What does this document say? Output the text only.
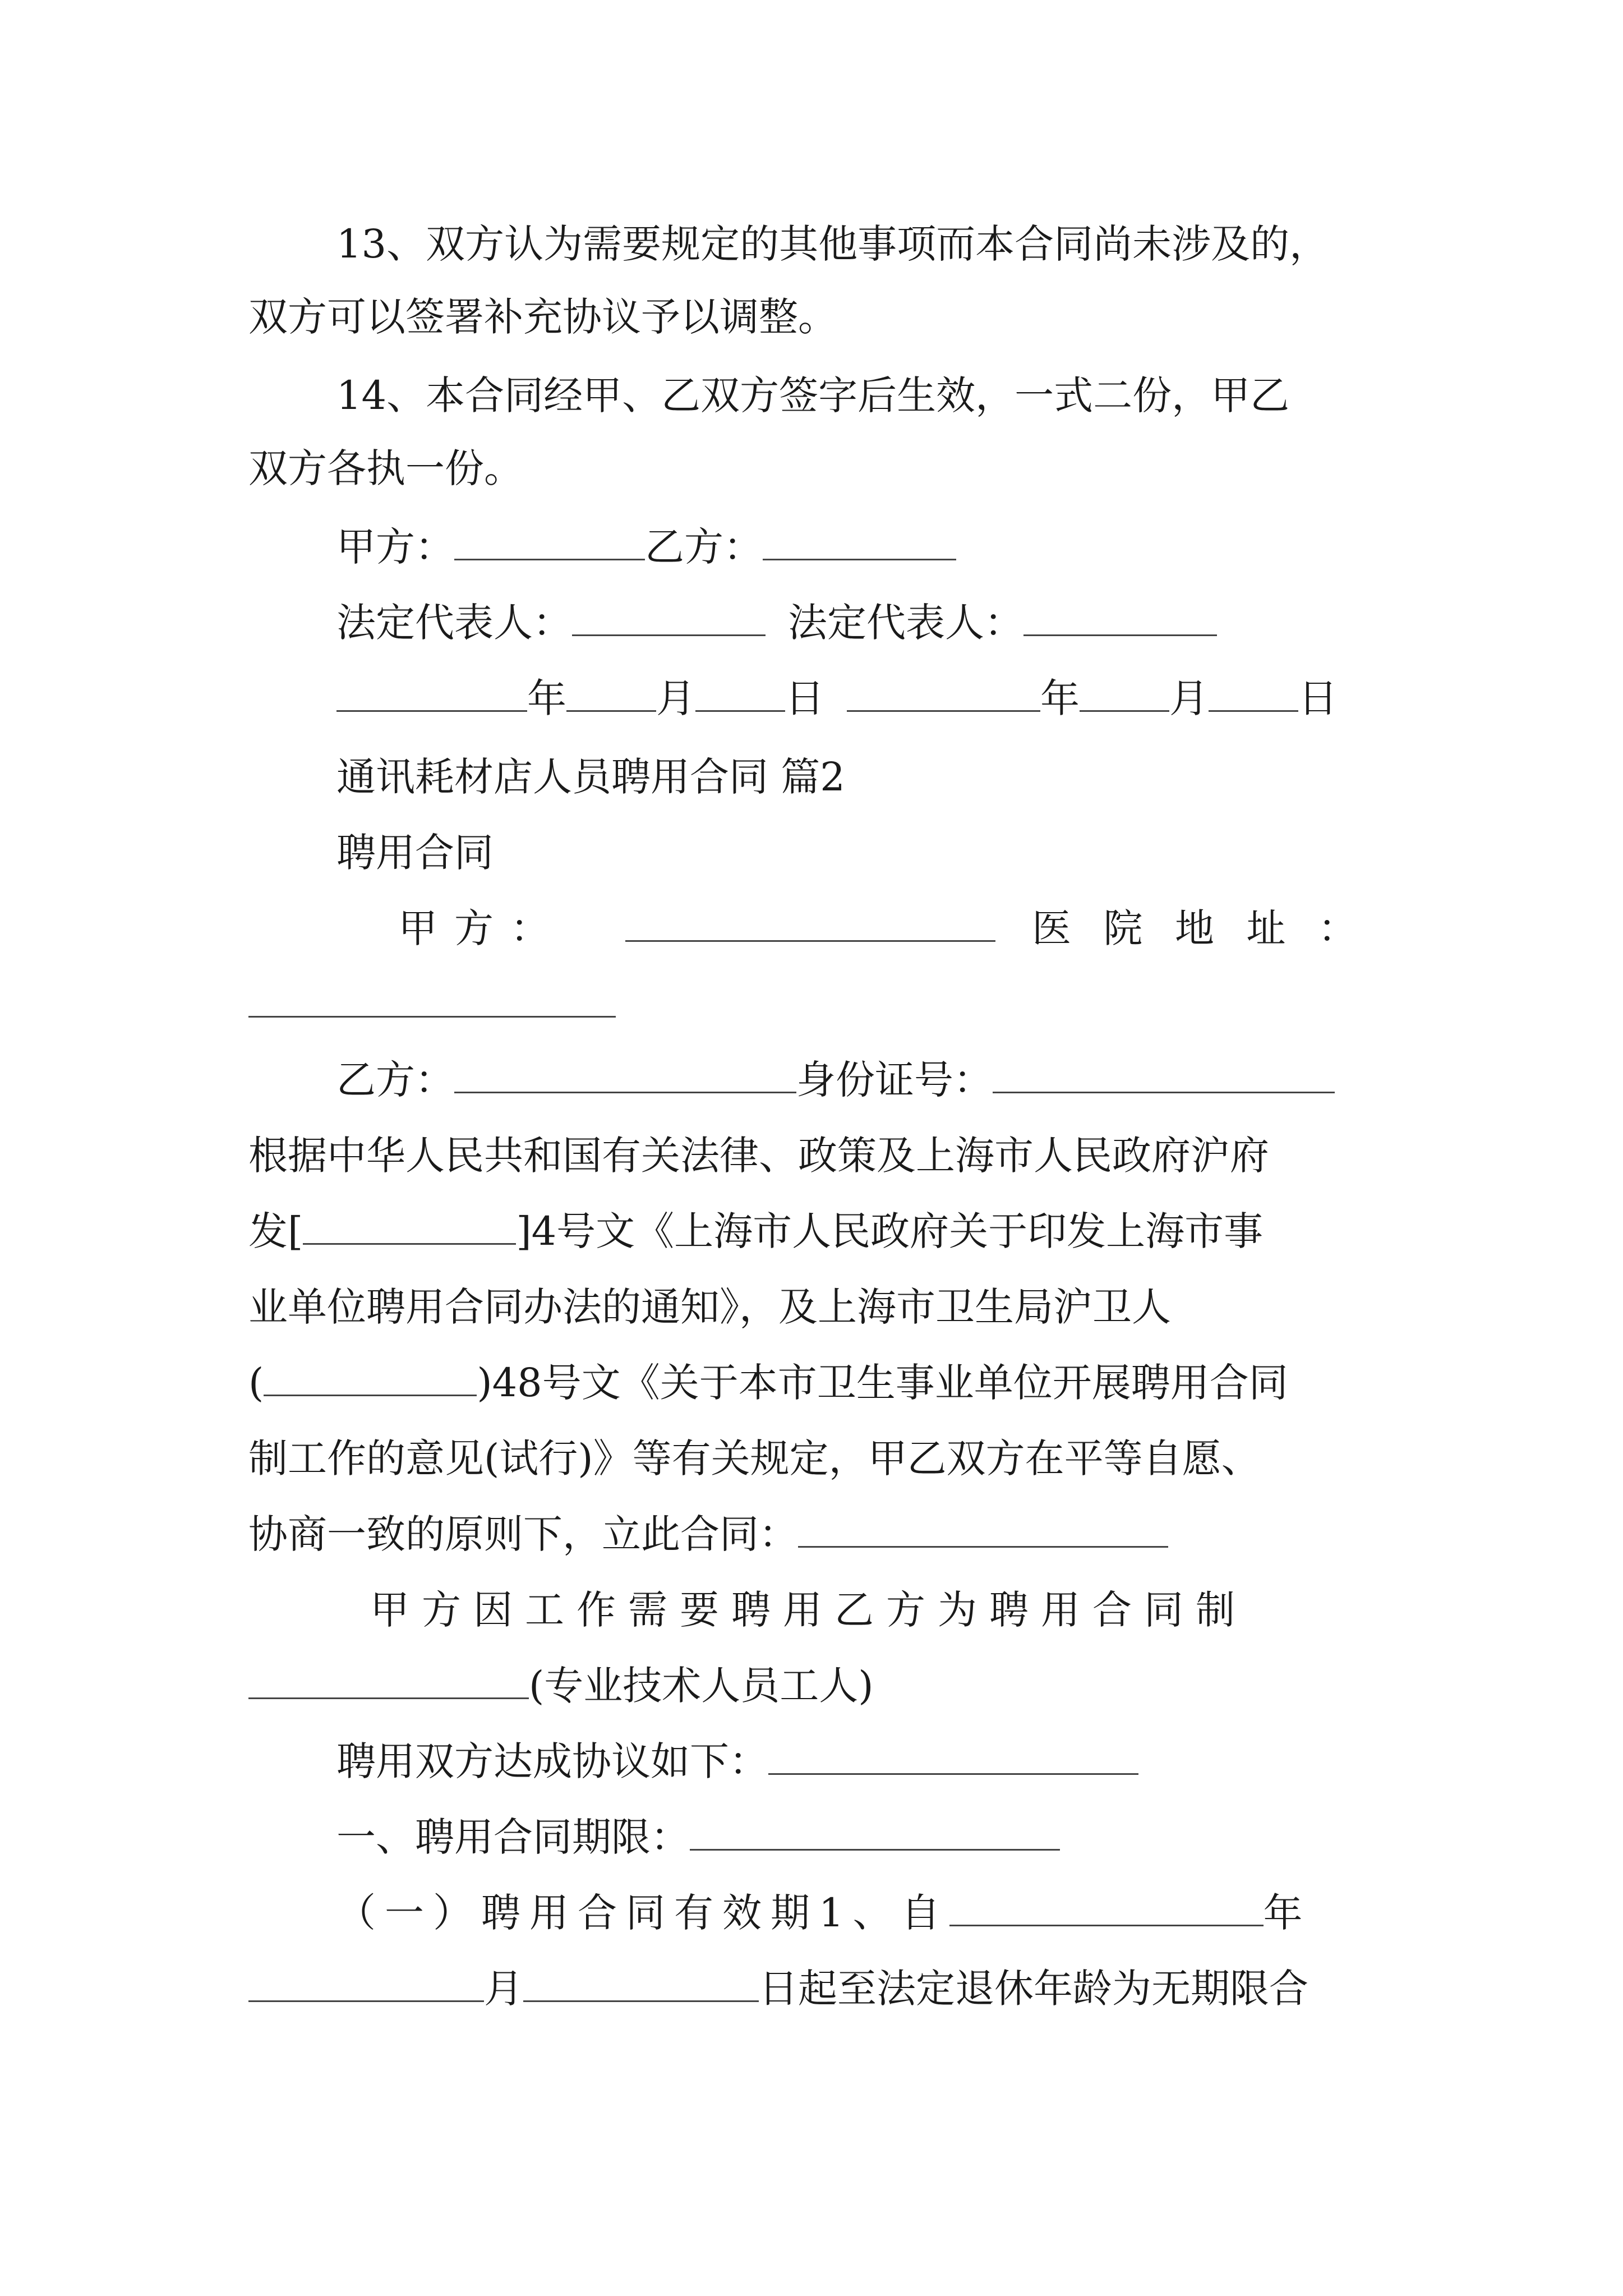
13、双方认为需要规定的其他事项而本合同尚未涉及的，
双方可以签署补充协议予以调整。
14、本合同经甲、乙双方签字后生效，一式二份，甲乙
双方各执一份。
甲方：	乙方：
法定代表人：	法定代表人：
年 月 日	年 月 日
通讯耗材店人员聘用合同 篇2
聘用合同
甲 方 ：	医 院 地 址 ：
乙方：	身份证号：
根据中华人民共和国有关法律、政策及上海市人民政府沪府
发[	]4号文《上海市人民政府关于印发上海市事
业单位聘用合同办法的通知》，及上海市卫生局沪卫人
(	)48号文《关于本市卫生事业单位开展聘用合同
制工作的意见(试行)》等有关规定，甲乙双方在平等自愿、
协商一致的原则下，立此合同：
甲方因工作需要聘用乙方为聘用合同制
(专业技术人员工人)
聘用双方达成协议如下：
一、聘用合同期限：
（一）聘用合同有效期1、自	年
月	日起至法定退休年龄为无期限合
